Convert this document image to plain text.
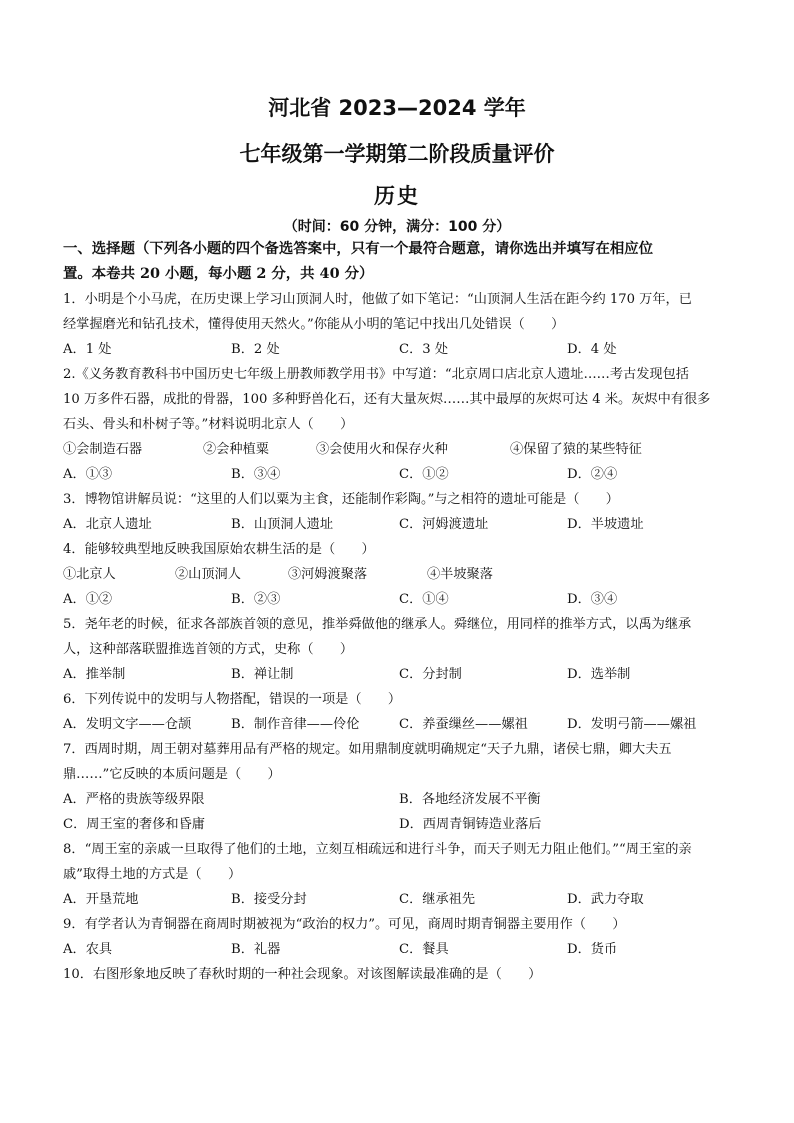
河北省 2023—2024 学年
七年级第一学期第二阶段质量评价
历史
（时间：60 分钟，满分：100 分）
一、选择题（下列各小题的四个备选答案中，只有一个最符合题意，请你选出并填写在相应位
置。本卷共 20 小题，每小题 2 分，共 40 分）
1．小明是个小马虎，在历史课上学习山顶洞人时，他做了如下笔记：“山顶洞人生活在距今约 170 万年，已
经掌握磨光和钻孔技术，懂得使用天然火。”你能从小明的笔记中找出几处错误（　　）
A．1 处	B．2 处	C．3 处	D．4 处
2.《义务教育教科书中国历史七年级上册教师教学用书》中写道：“北京周口店北京人遗址……考古发现包括
10 万多件石器，成批的骨器，100 多种野兽化石，还有大量灰烬……其中最厚的灰烬可达 4 米。灰烬中有很多
石头、骨头和朴树子等。”材料说明北京人（　　）
①会制造石器	②会种植粟	③会使用火和保存火种	④保留了猿的某些特征
A．①③	B．③④	C．①②	D．②④
3．博物馆讲解员说：“这里的人们以粟为主食，还能制作彩陶。”与之相符的遗址可能是（　　）
A．北京人遗址	B．山顶洞人遗址	C．河姆渡遗址	D．半坡遗址
4．能够较典型地反映我国原始农耕生活的是（　　）
①北京人	②山顶洞人	③河姆渡聚落	④半坡聚落
A．①②	B．②③	C．①④	D．③④
5．尧年老的时候，征求各部族首领的意见，推举舜做他的继承人。舜继位，用同样的推举方式，以禹为继承
人，这种部落联盟推选首领的方式，史称（　　）
A．推举制	B．禅让制	C．分封制	D．选举制
6．下列传说中的发明与人物搭配，错误的一项是（　　）
A．发明文字——仓颉	B．制作音律——伶伦	C．养蚕缫丝——嫘祖	D．发明弓箭——嫘祖
7．西周时期，周王朝对墓葬用品有严格的规定。如用鼎制度就明确规定“天子九鼎，诸侯七鼎，卿大夫五
鼎……”它反映的本质问题是（　　）
A．严格的贵族等级界限	B．各地经济发展不平衡
C．周王室的奢侈和昏庸	D．西周青铜铸造业落后
8．“周王室的亲戚一旦取得了他们的土地，立刻互相疏远和进行斗争，而天子则无力阻止他们。”“周王室的亲
戚”取得土地的方式是（　　）
A．开垦荒地	B．接受分封	C．继承祖先	D．武力夺取
9．有学者认为青铜器在商周时期被视为“政治的权力”。可见，商周时期青铜器主要用作（　　）
A．农具	B．礼器	C．餐具	D．货币
10．右图形象地反映了春秋时期的一种社会现象。对该图解读最准确的是（　　）
